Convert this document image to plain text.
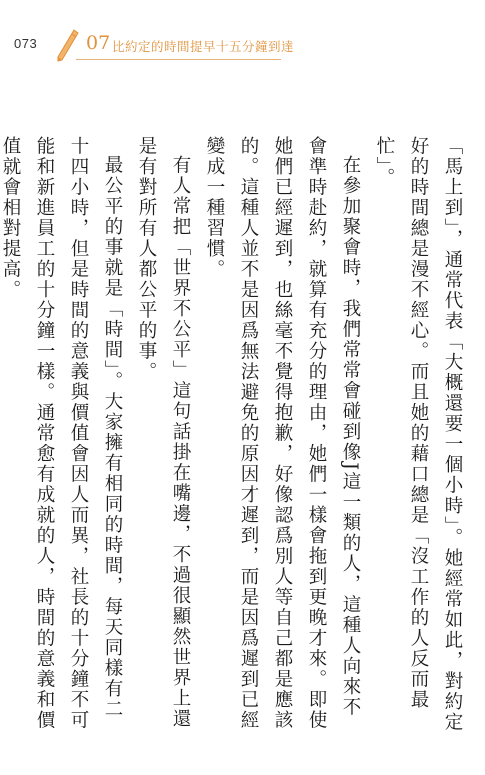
073	07 比約定的時間提早十五分鐘到達

「馬上到」，通常代表「大概還要一個小時」。她經常如此，對約定好的時間總是漫不經心。而且她的藉口總是「沒工作的人反而最忙」。

在參加聚會時，我們常常會碰到像J這一類的人，這種人向來不會準時赴約，就算有充分的理由，她們一樣會拖到更晚才來。即使她們已經遲到，也絲毫不覺得抱歉，好像認爲別人等自己都是應該的。這種人並不是因爲無法避免的原因才遲到，而是因爲遲到已經變成一種習慣。

有人常把「世界不公平」這句話掛在嘴邊，不過很顯然世界上還是有對所有人都公平的事。

最公平的事就是「時間」。大家擁有相同的時間，每天同樣有二十四小時，但是時間的意義與價值會因人而異，社長的十分鐘不可能和新進員工的十分鐘一樣。通常愈有成就的人，時間的意義和價值就會相對提高。
